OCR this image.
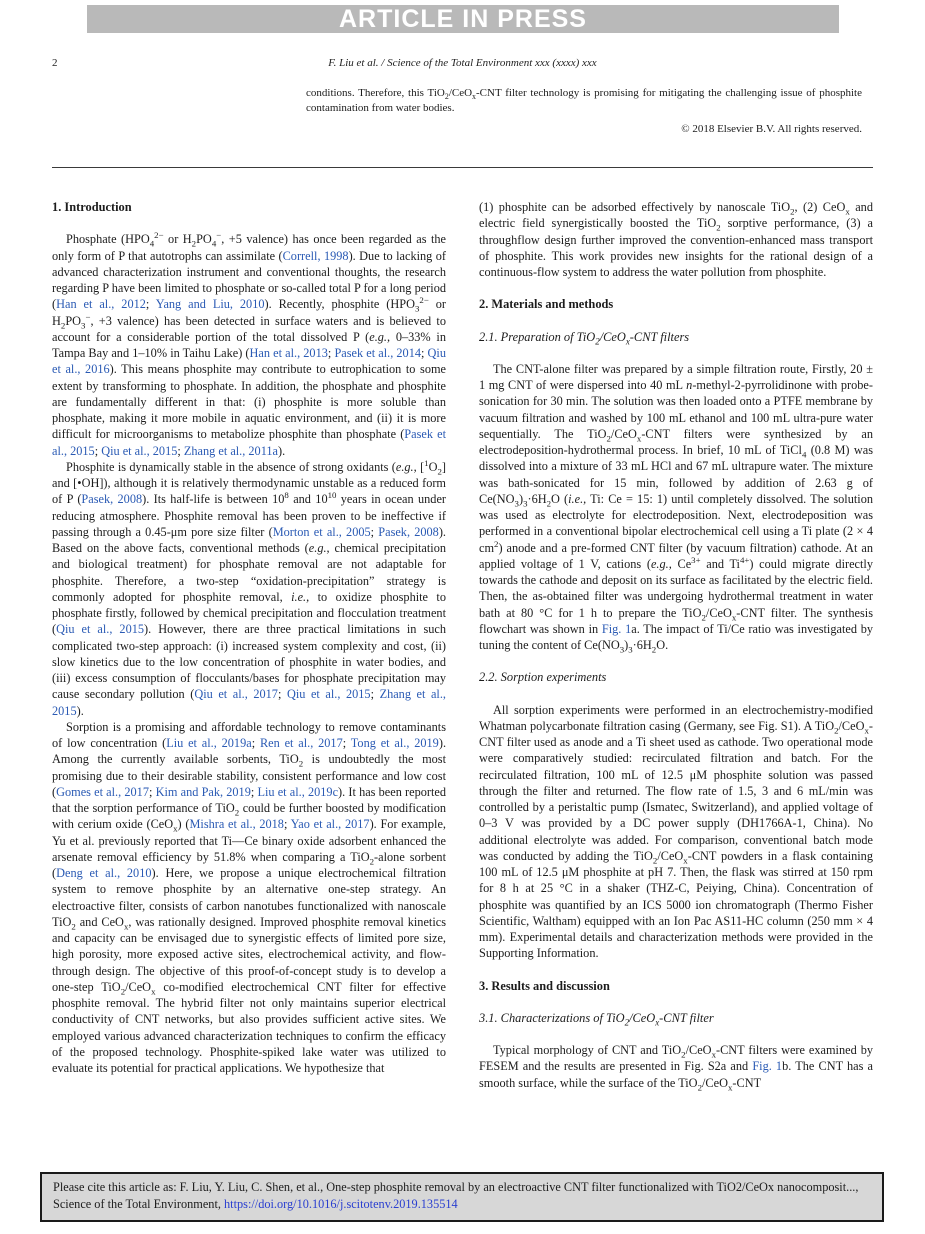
ARTICLE IN PRESS
2	F. Liu et al. / Science of the Total Environment xxx (xxxx) xxx

conditions. Therefore, this TiO$_2$/CeO$_x$-CNT filter technology is promising for mitigating the challenging issue of phosphite contamination from water bodies.

© 2018 Elsevier B.V. All rights reserved.
1. Introduction

Phosphate ($HPO_4^{2-}$ or $H_2PO_4^-$, +5 valence) has once been regarded as the only form of P that autotrophs can assimilate (Correll, 1998). Due to lacking of advanced characterization instrument and conventional thoughts, the research regarding P have been limited to phosphate or so-called total P for a long period (Han et al., 2012; Yang and Liu, 2010). Recently, phosphite ($HPO_3^{2-}$ or $H_2PO_3^-$, +3 valence) has been detected in surface waters and is believed to account for a considerable portion of the total dissolved P (e.g., 0–33% in Tampa Bay and 1–10% in Taihu Lake) (Han et al., 2013; Pasek et al., 2014; Qiu et al., 2016). This means phosphite may contribute to eutrophication to some extent by transforming to phosphate. In addition, the phosphate and phosphite are fundamentally different in that: (i) phosphite is more soluble than phosphate, making it more mobile in aquatic environment, and (ii) it is more difficult for microorganisms to metabolize phosphite than phosphate (Pasek et al., 2015; Qiu et al., 2015; Zhang et al., 2011a).

Phosphite is dynamically stable in the absence of strong oxidants (e.g., $[^1O_2]$ and [•OH]), although it is relatively thermodynamic unstable as a reduced form of P (Pasek, 2008). Its half-life is between $10^8$ and $10^{10}$ years in ocean under reducing atmosphere. Phosphite removal has been proven to be ineffective if passing through a 0.45-μm pore size filter (Morton et al., 2005; Pasek, 2008). Based on the above facts, conventional methods (e.g., chemical precipitation and biological treatment) for phosphate removal are not adaptable for phosphite. Therefore, a two-step “oxidation-precipitation” strategy is commonly adopted for phosphite removal, i.e., to oxidize phosphite to phosphate firstly, followed by chemical precipitation and flocculation treatment (Qiu et al., 2015). However, there are three practical limitations in such complicated two-step approach: (i) increased system complexity and cost, (ii) slow kinetics due to the low concentration of phosphite in water bodies, and (iii) excess consumption of flocculants/bases for phosphate precipitation may cause secondary pollution (Qiu et al., 2017; Qiu et al., 2015; Zhang et al., 2015).

Sorption is a promising and affordable technology to remove contaminants of low concentration (Liu et al., 2019a; Ren et al., 2017; Tong et al., 2019). Among the currently available sorbents, TiO$_2$ is undoubtedly the most promising due to their desirable stability, consistent performance and low cost (Gomes et al., 2017; Kim and Pak, 2019; Liu et al., 2019c). It has been reported that the sorption performance of TiO$_2$ could be further boosted by modification with cerium oxide (CeO$_x$) (Mishra et al., 2018; Yao et al., 2017). For example, Yu et al. previously reported that Ti—Ce binary oxide adsorbent enhanced the arsenate removal efficiency by 51.8% when comparing a TiO$_2$-alone sorbent (Deng et al., 2010). Here, we propose a unique electrochemical filtration system to remove phosphite by an alternative one-step strategy. An electroactive filter, consists of carbon nanotubes functionalized with nanoscale TiO$_2$ and CeO$_x$, was rationally designed. Improved phosphite removal kinetics and capacity can be envisaged due to synergistic effects of limited pore size, high porosity, more exposed active sites, electrochemical activity, and flow-through design. The objective of this proof-of-concept study is to develop a one-step TiO$_2$/CeO$_x$ co-modified electrochemical CNT filter for effective phosphite removal. The hybrid filter not only maintains superior electrical conductivity of CNT networks, but also provides sufficient active sites. We employed various advanced characterization techniques to confirm the efficacy of the proposed technology. Phosphite-spiked lake water was utilized to evaluate its potential for practical applications. We hypothesize that

(1) phosphite can be adsorbed effectively by nanoscale TiO$_2$, (2) CeO$_x$ and electric field synergistically boosted the TiO$_2$ sorptive performance, (3) a throughflow design further improved the convention-enhanced mass transport of phosphite. This work provides new insights for the rational design of a continuous-flow system to address the water pollution from phosphite.

2. Materials and methods
2.1. Preparation of TiO$_2$/CeO$_x$-CNT filters

The CNT-alone filter was prepared by a simple filtration route, Firstly, 20 ± 1 mg CNT of were dispersed into 40 mL n-methyl-2-pyrrolidinone with probe-sonication for 30 min. The solution was then loaded onto a PTFE membrane by vacuum filtration and washed by 100 mL ethanol and 100 mL ultra-pure water sequentially. The TiO$_2$/CeO$_x$-CNT filters were synthesized by an electrodeposition-hydrothermal process. In brief, 10 mL of TiCl$_4$ (0.8 M) was dissolved into a mixture of 33 mL HCl and 67 mL ultrapure water. The mixture was bath-sonicated for 15 min, followed by addition of 2.63 g of $Ce(NO_3)_3\cdot 6H_2O$ (i.e., Ti: Ce = 15: 1) until completely dissolved. The solution was used as electrolyte for electrodeposition. Next, electrodeposition was performed in a conventional bipolar electrochemical cell using a Ti plate (2 × 4 $cm^2$) anode and a pre-formed CNT filter (by vacuum filtration) cathode. At an applied voltage of 1 V, cations (e.g., $Ce^{3+}$ and $Ti^{4+}$) could migrate directly towards the cathode and deposit on its surface as facilitated by the electric field. Then, the as-obtained filter was undergoing hydrothermal treatment in water bath at 80 °C for 1 h to prepare the TiO$_2$/CeO$_x$-CNT filter. The synthesis flowchart was shown in Fig. 1a. The impact of Ti/Ce ratio was investigated by tuning the content of $Ce(NO_3)_3\cdot 6H_2O$.

2.2. Sorption experiments

All sorption experiments were performed in an electrochemistry-modified Whatman polycarbonate filtration casing (Germany, see Fig. S1). A TiO$_2$/CeO$_x$-CNT filter used as anode and a Ti sheet used as cathode. Two operational mode were comparatively studied: recirculated filtration and batch. For the recirculated filtration, 100 mL of 12.5 μM phosphite solution was passed through the filter and returned. The flow rate of 1.5, 3 and 6 mL/min was controlled by a peristaltic pump (Ismatec, Switzerland), and applied voltage of 0–3 V was provided by a DC power supply (DH1766A-1, China). No additional electrolyte was added. For comparison, conventional batch mode was conducted by adding the TiO$_2$/CeO$_x$-CNT powders in a flask containing 100 mL of 12.5 μM phosphite at pH 7. Then, the flask was stirred at 150 rpm for 8 h at 25 °C in a shaker (THZ-C, Peiying, China). Concentration of phosphite was quantified by an ICS 5000 ion chromatograph (Thermo Fisher Scientific, Waltham) equipped with an Ion Pac AS11-HC column (250 mm × 4 mm). Experimental details and characterization methods were provided in the Supporting Information.

3. Results and discussion
3.1. Characterizations of TiO$_2$/CeO$_x$-CNT filter

Typical morphology of CNT and TiO$_2$/CeO$_x$-CNT filters were examined by FESEM and the results are presented in Fig. S2a and Fig. 1b. The CNT has a smooth surface, while the surface of the TiO$_2$/CeO$_x$-CNT

Please cite this article as: F. Liu, Y. Liu, C. Shen, et al., One-step phosphite removal by an electroactive CNT filter functionalized with TiO2/CeOx nanocomposit..., Science of the Total Environment, https://doi.org/10.1016/j.scitotenv.2019.135514
